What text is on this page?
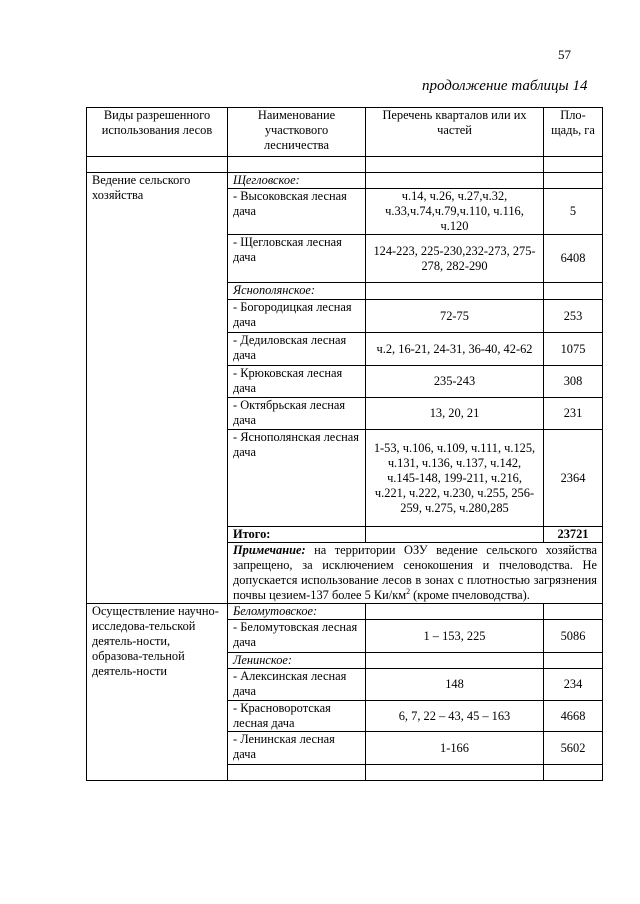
57
продолжение таблицы 14
Виды разрешенного использования лесов	Наименование участкового лесничества	Перечень кварталов или их частей	Пло-щадь, га

Ведение сельского хозяйства	Щегловское:		
	- Высоковская лесная дача	ч.14, ч.26, ч.27,ч.32, ч.33,ч.74,ч.79,ч.110, ч.116, ч.120	5
	- Щегловская лесная дача	124-223, 225-230,232-273, 275-278, 282-290	6408
	Яснополянское:		
	- Богородицкая лесная дача	72-75	253
	- Дедиловская лесная дача	ч.2, 16-21, 24-31, 36-40, 42-62	1075
	- Крюковская лесная дача	235-243	308
	- Октябрьская лесная дача	13, 20, 21	231
	- Яснополянская лесная дача	1-53, ч.106, ч.109, ч.111, ч.125, ч.131, ч.136, ч.137, ч.142, ч.145-148, 199-211, ч.216, ч.221, ч.222, ч.230, ч.255, 256-259, ч.275, ч.280,285	2364
	Итого:		23721
	Примечание: на территории ОЗУ ведение сельского хозяйства запрещено, за исключением сенокошения и пчеловодства. Не допускается использование лесов в зонах с плотностью загрязнения почвы цезием-137 более 5 $Ки/км^2$ (кроме пчеловодства).		
Осуществление научно-исследова-тельской деятель-ности, образова-тельной деятель-ности	Беломутовское:		
	- Беломутовская лесная дача	1 – 153, 225	5086
	Ленинское:		
	- Алексинская лесная дача	148	234
	- Красноворотская лесная дача	6, 7, 22 – 43, 45 – 163	4668
	- Ленинская лесная дача	1-166	5602
